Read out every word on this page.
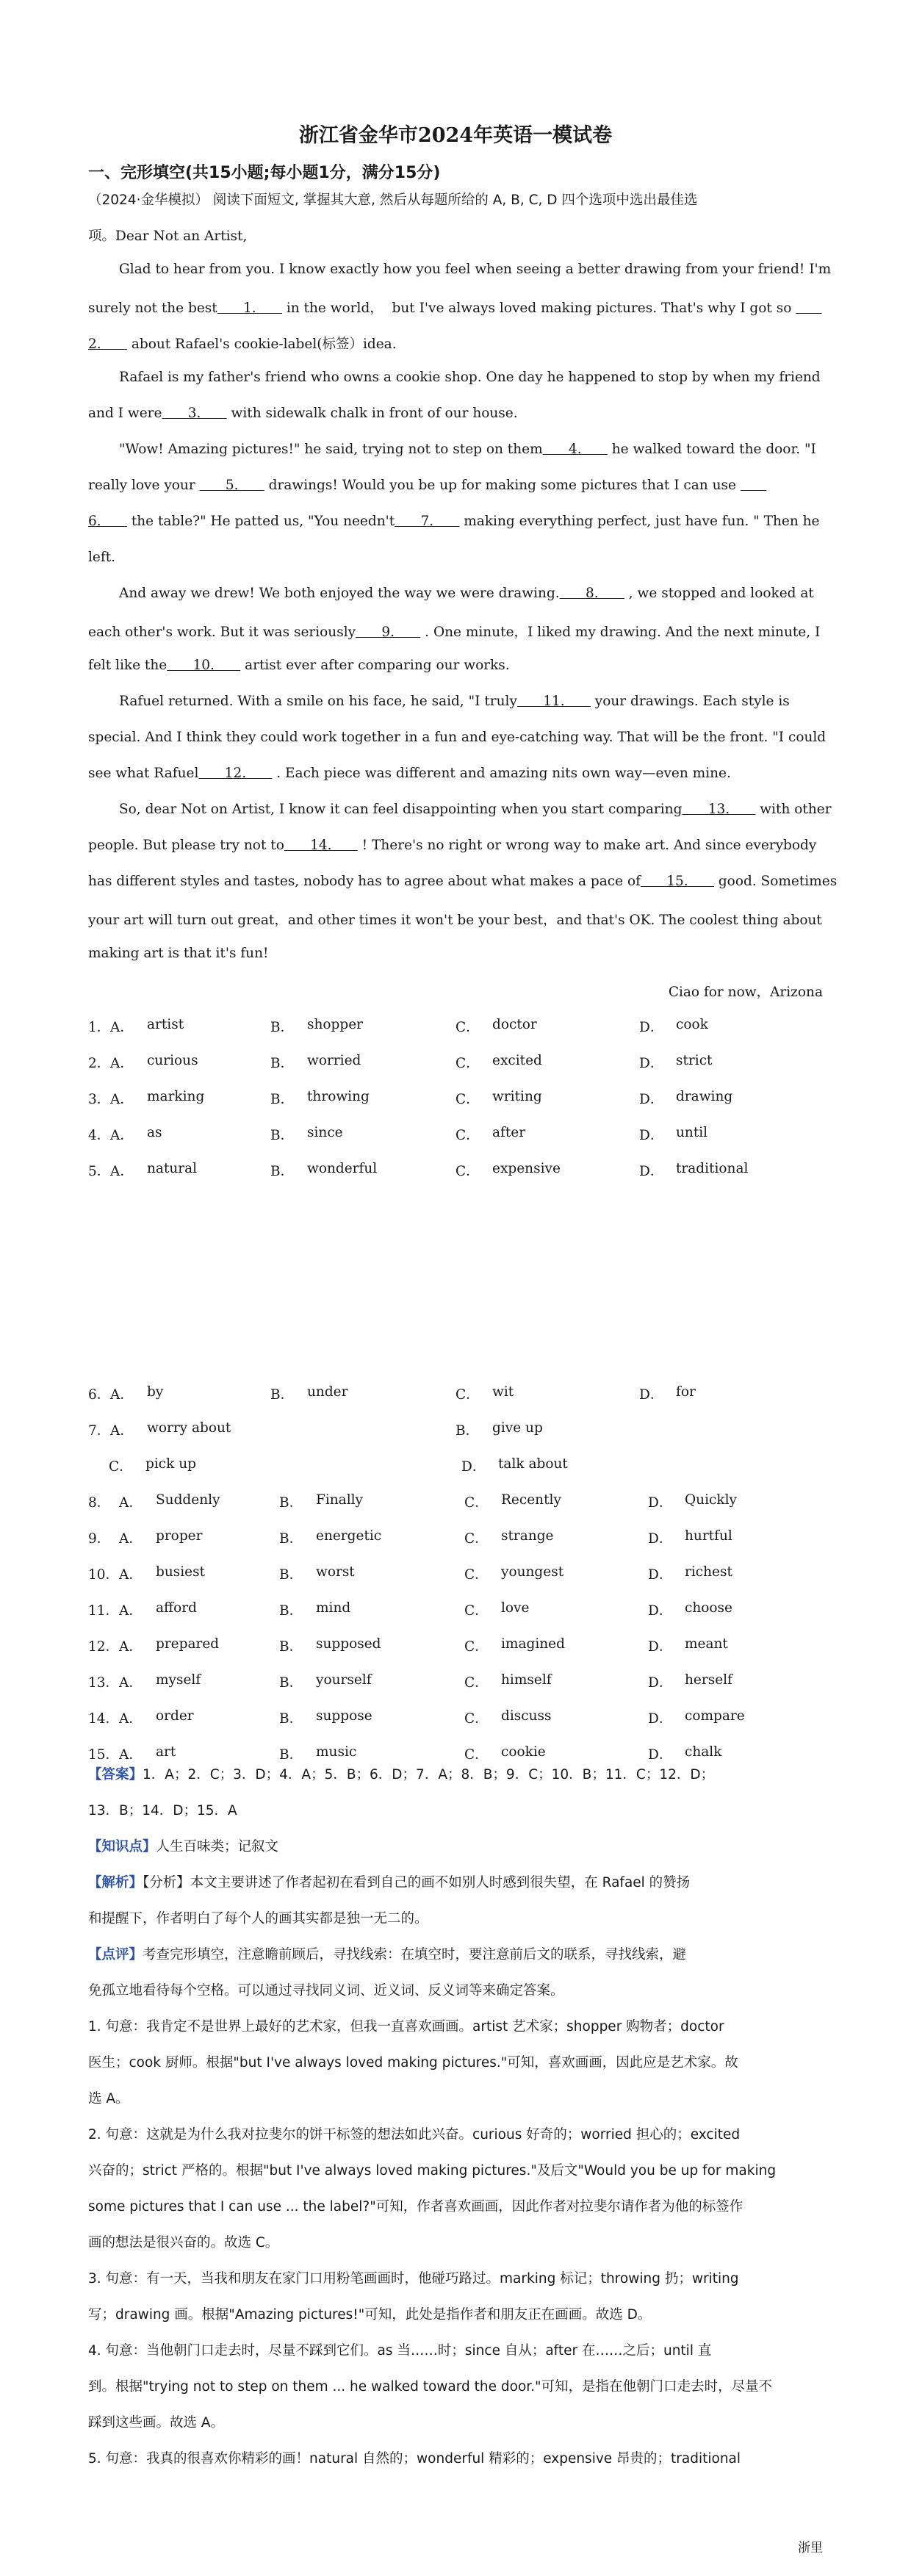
浙江省金华市2024年英语一模试卷
一、完形填空(共15小题;每小题1分，满分15分)
（2024·金华模拟） 阅读下面短文, 掌握其大意, 然后从每题所给的 A, B, C, D 四个选项中选出最佳选
项。Dear Not an Artist,
Glad to hear from you. I know exactly how you feel when seeing a better drawing from your friend! I'm
surely not the best      1.       in the world，  but I've always loved making pictures. That's why I got so
2.       about Rafael's cookie-label(标签）idea.
Rafael is my father's friend who owns a cookie shop. One day he happened to stop by when my friend
and I were      3.       with sidewalk chalk in front of our house.
"Wow! Amazing pictures!" he said, trying not to step on them      4.       he walked toward the door. "I
really love your       5.       drawings! Would you be up for making some pictures that I can use
6.       the table?" He patted us, "You needn't      7.       making everything perfect, just have fun. " Then he
left.
And away we drew! We both enjoyed the way we were drawing.      8.       , we stopped and looked at
each other's work. But it was seriously      9.       . One minute，I liked my drawing. And the next minute, I
felt like the      10.       artist ever after comparing our works.
Rafuel returned. With a smile on his face, he said, "I truly      11.       your drawings. Each style is
special. And I think they could work together in a fun and eye-catching way. That will be the front. "I could
see what Rafuel      12.       . Each piece was different and amazing nits own way—even mine.
So, dear Not on Artist, I know it can feel disappointing when you start comparing      13.       with other
people. But please try not to      14.       ! There's no right or wrong way to make art. And since everybody
has different styles and tastes, nobody has to agree about what makes a pace of      15.       good. Sometimes
your art will turn out great，and other times it won't be your best，and that's OK. The coolest thing about
making art is that it's fun!
Ciao for now，Arizona
1． A． artist	B． shopper	C． doctor	D． cook
2． A． curious	B． worried	C． excited	D． strict
3． A． marking	B． throwing	C． writing	D． drawing
4． A． as	B． since	C． after	D． until
5． A． natural	B． wonderful	C． expensive	D． traditional
6． A． by	B． under	C． wit	D． for
7． A． worry about	B． give up
C． pick up	D． talk about
8． A． Suddenly	B． Finally	C． Recently	D． Quickly
9． A． proper	B． energetic	C． strange	D． hurtful
10． A． busiest	B． worst	C． youngest	D． richest
11． A． afford	B． mind	C． love	D． choose
12． A． prepared	B． supposed	C． imagined	D． meant
13． A． myself	B． yourself	C． himself	D． herself
14． A． order	B． suppose	C． discuss	D． compare
15． A． art	B． music	C． cookie	D． chalk
【答案】1．A；2．C；3．D；4．A；5．B；6．D；7．A；8．B；9．C；10．B；11．C；12．D；
13．B；14．D；15．A
【知识点】人生百味类；记叙文
【解析】【分析】本文主要讲述了作者起初在看到自己的画不如别人时感到很失望，在 Rafael 的赞扬
和提醒下，作者明白了每个人的画其实都是独一无二的。
【点评】考查完形填空，注意瞻前顾后，寻找线索：在填空时，要注意前后文的联系，寻找线索，避
免孤立地看待每个空格。可以通过寻找同义词、近义词、反义词等来确定答案。
1. 句意：我肯定不是世界上最好的艺术家，但我一直喜欢画画。artist 艺术家；shopper 购物者；doctor
医生；cook 厨师。根据"but I've always loved making pictures."可知，喜欢画画，因此应是艺术家。故
选 A。
2. 句意：这就是为什么我对拉斐尔的饼干标签的想法如此兴奋。curious 好奇的；worried 担心的；excited
兴奋的；strict 严格的。根据"but I've always loved making pictures."及后文"Would you be up for making
some pictures that I can use ... the label?"可知，作者喜欢画画，因此作者对拉斐尔请作者为他的标签作
画的想法是很兴奋的。故选 C。
3. 句意：有一天，当我和朋友在家门口用粉笔画画时，他碰巧路过。marking 标记；throwing 扔；writing
写；drawing 画。根据"Amazing pictures!"可知，此处是指作者和朋友正在画画。故选 D。
4. 句意：当他朝门口走去时，尽量不踩到它们。as 当……时；since 自从；after 在……之后；until 直
到。根据"trying not to step on them ... he walked toward the door."可知，是指在他朝门口走去时，尽量不
踩到这些画。故选 A。
5. 句意：我真的很喜欢你精彩的画！natural 自然的；wonderful 精彩的；expensive 昂贵的；traditional
浙里
